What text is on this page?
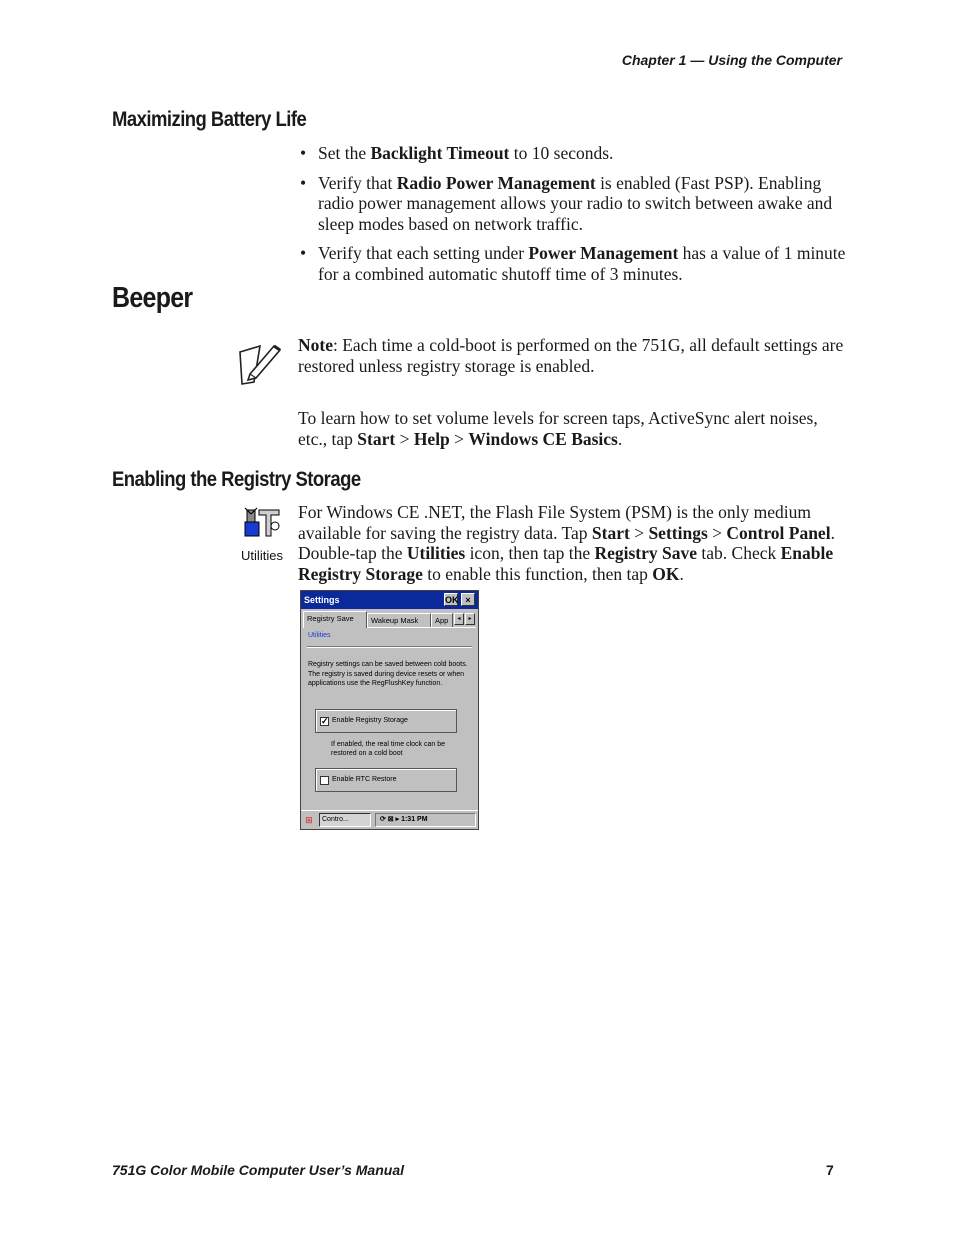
Chapter 1 — Using the Computer
Maximizing Battery Life
• Set the Backlight Timeout to 10 seconds.
• Verify that Radio Power Management is enabled (Fast PSP). Enabling radio power management allows your radio to switch between awake and sleep modes based on network traffic.
• Verify that each setting under Power Management has a value of 1 minute for a combined automatic shutoff time of 3 minutes.
Beeper
Note: Each time a cold-boot is performed on the 751G, all default settings are restored unless registry storage is enabled.
To learn how to set volume levels for screen taps, ActiveSync alert noises, etc., tap Start > Help > Windows CE Basics.
Enabling the Registry Storage
Utilities
For Windows CE .NET, the Flash File System (PSM) is the only medium available for saving the registry data. Tap Start > Settings > Control Panel. Double-tap the Utilities icon, then tap the Registry Save tab. Check Enable Registry Storage to enable this function, then tap OK.
Settings	OK ×
Registry Save	Wakeup Mask	App	◂	▸
Utilities
Registry settings can be saved between cold boots. The registry is saved during device resets or when applications use the RegFlushKey function.
✓ Enable Registry Storage
If enabled, the real time clock can be restored on a cold boot
Enable RTC Restore
⊞	Contro...	⟳ ⊠ ▸ 1:31 PM
751G Color Mobile Computer User’s Manual	7
